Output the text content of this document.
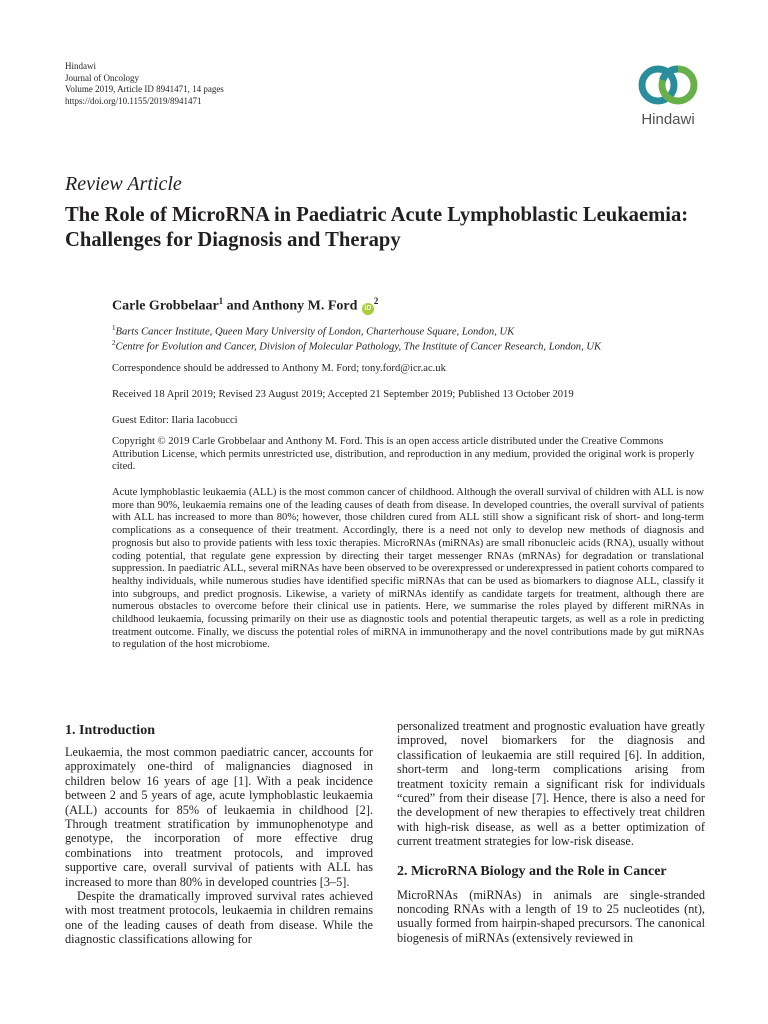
Hindawi
Journal of Oncology
Volume 2019, Article ID 8941471, 14 pages
https://doi.org/10.1155/2019/8941471
Hindawi
Review Article
The Role of MicroRNA in Paediatric Acute Lymphoblastic Leukaemia: Challenges for Diagnosis and Therapy
Carle Grobbelaar$^1$ and Anthony M. Ford $iD^2$
$^1$Barts Cancer Institute, Queen Mary University of London, Charterhouse Square, London, UK
$^2$Centre for Evolution and Cancer, Division of Molecular Pathology, The Institute of Cancer Research, London, UK
Correspondence should be addressed to Anthony M. Ford; tony.ford@icr.ac.uk
Received 18 April 2019; Revised 23 August 2019; Accepted 21 September 2019; Published 13 October 2019
Guest Editor: Ilaria Iacobucci
Copyright © 2019 Carle Grobbelaar and Anthony M. Ford. This is an open access article distributed under the Creative Commons Attribution License, which permits unrestricted use, distribution, and reproduction in any medium, provided the original work is properly cited.
Acute lymphoblastic leukaemia (ALL) is the most common cancer of childhood. Although the overall survival of children with ALL is now more than 90%, leukaemia remains one of the leading causes of death from disease. In developed countries, the overall survival of patients with ALL has increased to more than 80%; however, those children cured from ALL still show a significant risk of short- and long-term complications as a consequence of their treatment. Accordingly, there is a need not only to develop new methods of diagnosis and prognosis but also to provide patients with less toxic therapies. MicroRNAs (miRNAs) are small ribonucleic acids (RNA), usually without coding potential, that regulate gene expression by directing their target messenger RNAs (mRNAs) for degradation or translational suppression. In paediatric ALL, several miRNAs have been observed to be overexpressed or underexpressed in patient cohorts compared to healthy individuals, while numerous studies have identified specific miRNAs that can be used as biomarkers to diagnose ALL, classify it into subgroups, and predict prognosis. Likewise, a variety of miRNAs identify as candidate targets for treatment, although there are numerous obstacles to overcome before their clinical use in patients. Here, we summarise the roles played by different miRNAs in childhood leukaemia, focussing primarily on their use as diagnostic tools and potential therapeutic targets, as well as a role in predicting treatment outcome. Finally, we discuss the potential roles of miRNA in immunotherapy and the novel contributions made by gut miRNAs to regulation of the host microbiome.
1. Introduction

Leukaemia, the most common paediatric cancer, accounts for approximately one-third of malignancies diagnosed in children below 16 years of age [1]. With a peak incidence between 2 and 5 years of age, acute lymphoblastic leukaemia (ALL) accounts for 85% of leukaemia in childhood [2]. Through treatment stratification by immunophenotype and genotype, the incorporation of more effective drug combinations into treatment protocols, and improved supportive care, overall survival of patients with ALL has increased to more than 80% in developed countries [3–5].

Despite the dramatically improved survival rates achieved with most treatment protocols, leukaemia in children remains one of the leading causes of death from disease. While the diagnostic classifications allowing for

personalized treatment and prognostic evaluation have greatly improved, novel biomarkers for the diagnosis and classification of leukaemia are still required [6]. In addition, short-term and long-term complications arising from treatment toxicity remain a significant risk for individuals “cured” from their disease [7]. Hence, there is also a need for the development of new therapies to effectively treat children with high-risk disease, as well as a better optimization of current treatment strategies for low-risk disease.

2. MicroRNA Biology and the Role in Cancer

MicroRNAs (miRNAs) in animals are single-stranded noncoding RNAs with a length of 19 to 25 nucleotides (nt), usually formed from hairpin-shaped precursors. The canonical biogenesis of miRNAs (extensively reviewed in
